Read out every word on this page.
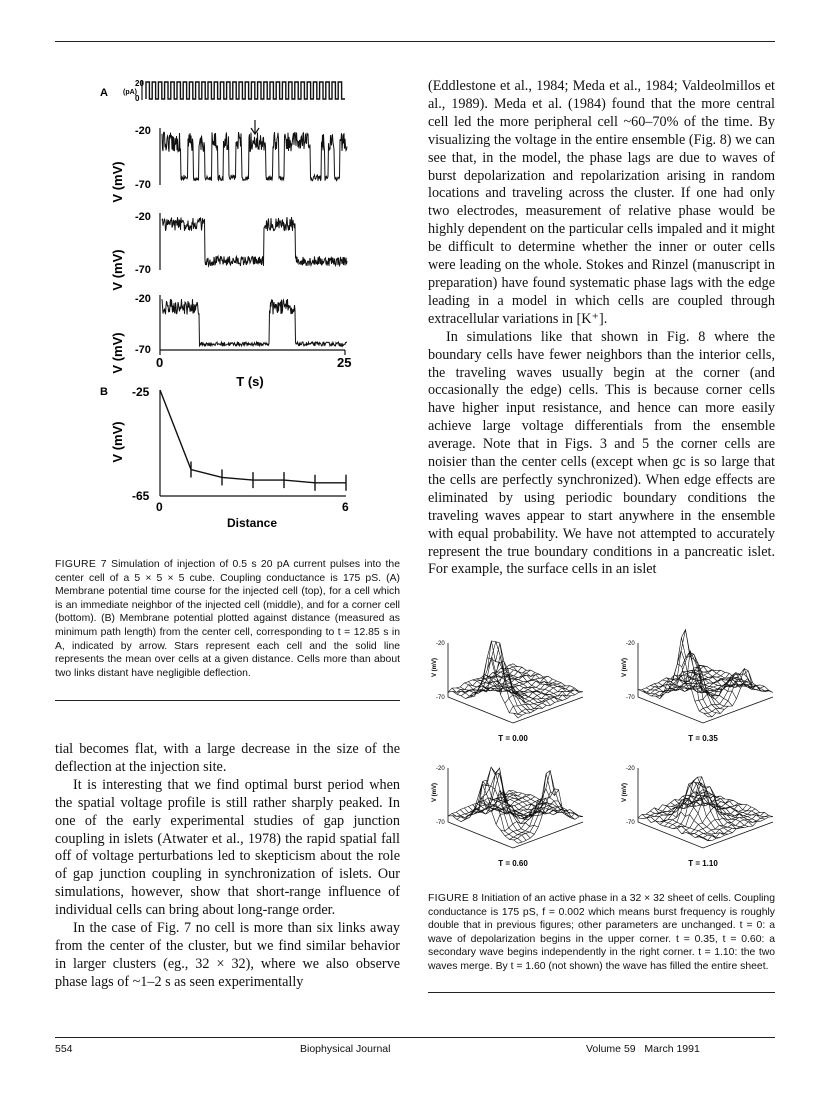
A
20
0
(pA)
V (mV)
-20
-70
V (mV)
-20
-70
V (mV)
-20
-70
0	25
T (s)
B -25
-65
V (mV)
0	6
Distance
FIGURE 7 Simulation of injection of 0.5 s 20 pA current pulses into the center cell of a 5 × 5 × 5 cube. Coupling conductance is 175 pS. (A) Membrane potential time course for the injected cell (top), for a cell which is an immediate neighbor of the injected cell (middle), and for a corner cell (bottom). (B) Membrane potential plotted against distance (measured as minimum path length) from the center cell, corresponding to t = 12.85 s in A, indicated by arrow. Stars represent each cell and the solid line represents the mean over cells at a given distance. Cells more than about two links distant have negligible deflection.

tial becomes flat, with a large decrease in the size of the deflection at the injection site.

It is interesting that we find optimal burst period when the spatial voltage profile is still rather sharply peaked. In one of the early experimental studies of gap junction coupling in islets (Atwater et al., 1978) the rapid spatial fall off of voltage perturbations led to skepticism about the role of gap junction coupling in synchronization of islets. Our simulations, however, show that short-range influence of individual cells can bring about long-range order.

In the case of Fig. 7 no cell is more than six links away from the center of the cluster, but we find similar behavior in larger clusters (eg., 32 × 32), where we also observe phase lags of ~1–2 s as seen experimentally

(Eddlestone et al., 1984; Meda et al., 1984; Valdeolmillos et al., 1989). Meda et al. (1984) found that the more central cell led the more peripheral cell ~60–70% of the time. By visualizing the voltage in the entire ensemble (Fig. 8) we can see that, in the model, the phase lags are due to waves of burst depolarization and repolarization arising in random locations and traveling across the cluster. If one had only two electrodes, measurement of relative phase would be highly dependent on the particular cells impaled and it might be difficult to determine whether the inner or outer cells were leading on the whole. Stokes and Rinzel (manuscript in preparation) have found systematic phase lags with the edge leading in a model in which cells are coupled through extracellular variations in [K⁺].

In simulations like that shown in Fig. 8 where the boundary cells have fewer neighbors than the interior cells, the traveling waves usually begin at the corner (and occasionally the edge) cells. This is because corner cells have higher input resistance, and hence can more easily achieve large voltage differentials from the ensemble average. Note that in Figs. 3 and 5 the corner cells are noisier than the center cells (except when gc is so large that the cells are perfectly synchronized). When edge effects are eliminated by using periodic boundary conditions the traveling waves appear to start anywhere in the ensemble with equal probability. We have not attempted to accurately represent the true boundary conditions in a pancreatic islet. For example, the surface cells in an islet

V (mV)
-20
-70
T = 0.00
V (mV)
-20
-70
T = 0.35
V (mV)
-20
-70
T = 0.60
V (mV)
-20
-70
T = 1.10
FIGURE 8 Initiation of an active phase in a 32 × 32 sheet of cells. Coupling conductance is 175 pS, f = 0.002 which means burst frequency is roughly double that in previous figures; other parameters are unchanged. t = 0: a wave of depolarization begins in the upper corner. t = 0.35, t = 0.60: a secondary wave begins independently in the right corner. t = 1.10: the two waves merge. By t = 1.60 (not shown) the wave has filled the entire sheet.
554	Biophysical Journal	Volume 59   March 1991
